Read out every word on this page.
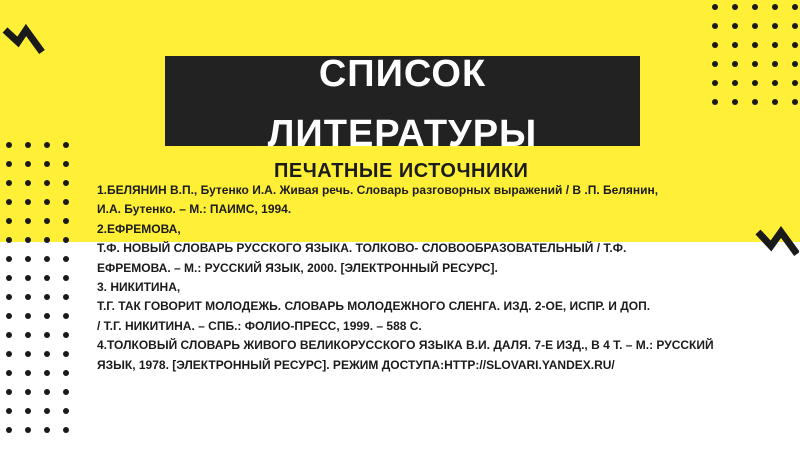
СПИСОК
ЛИТЕРАТУРЫ
ПЕЧАТНЫЕ ИСТОЧНИКИ
1.БЕЛЯНИН В.П., Бутенко И.А. Живая речь. Словарь разговорных выражений / В .П. Белянин,
И.А. Бутенко. – М.: ПАИМС, 1994.
2.ЕФРЕМОВА,
Т.Ф. НОВЫЙ СЛОВАРЬ РУССКОГО ЯЗЫКА. ТОЛКОВО- СЛОВООБРАЗОВАТЕЛЬНЫЙ / Т.Ф.
ЕФРЕМОВА. – М.: РУССКИЙ ЯЗЫК, 2000. [ЭЛЕКТРОННЫЙ РЕСУРС].
3. НИКИТИНА,
Т.Г. ТАК ГОВОРИТ МОЛОДЕЖЬ. СЛОВАРЬ МОЛОДЕЖНОГО СЛЕНГА. ИЗД. 2-ОЕ, ИСПР. И ДОП.
/ Т.Г. НИКИТИНА. – СПБ.: ФОЛИО-ПРЕСС, 1999. – 588 С.
4.ТОЛКОВЫЙ СЛОВАРЬ ЖИВОГО ВЕЛИКОРУССКОГО ЯЗЫКА В.И. ДАЛЯ. 7-Е ИЗД., В 4 Т. – М.: РУССКИЙ
ЯЗЫК, 1978. [ЭЛЕКТРОННЫЙ РЕСУРС]. РЕЖИМ ДОСТУПА:HTTP://SLOVARI.YANDEX.RU/
